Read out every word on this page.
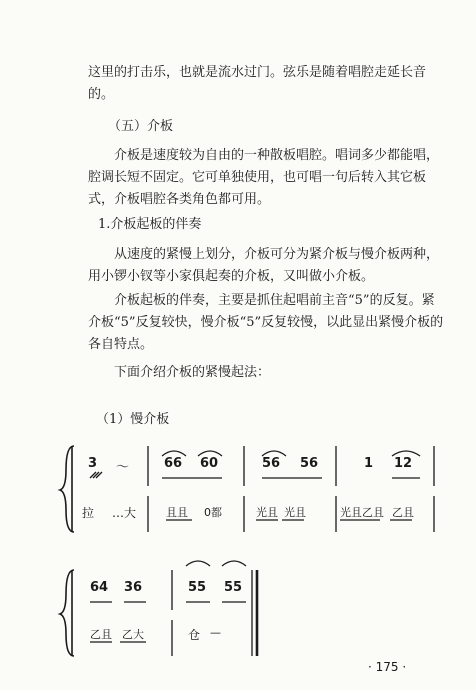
这里的打击乐，也就是流水过门。弦乐是随着唱腔走延长音的。

（五）介板

介板是速度较为自由的一种散板唱腔。唱词多少都能唱，腔调长短不固定。它可单独使用，也可唱一句后转入其它板式，介板唱腔各类角色都可用。

1.介板起板的伴奏

从速度的紧慢上划分，介板可分为紧介板与慢介板两种，用小锣小钗等小家俱起奏的介板，又叫做小介板。

介板起板的伴奏，主要是抓住起唱前主音“5”的反复。紧介板“5”反复较快，慢介板“5”反复较慢，以此显出紧慢介板的各自特点。

下面介绍介板的紧慢起法：

（1）慢介板
3 ～	66 60	56 56	1 12
拉 …大	且且 0都	光且 光且	光且乙且 乙且
64 36	55 55
乙且 乙大	仓 —
· 175 ·
